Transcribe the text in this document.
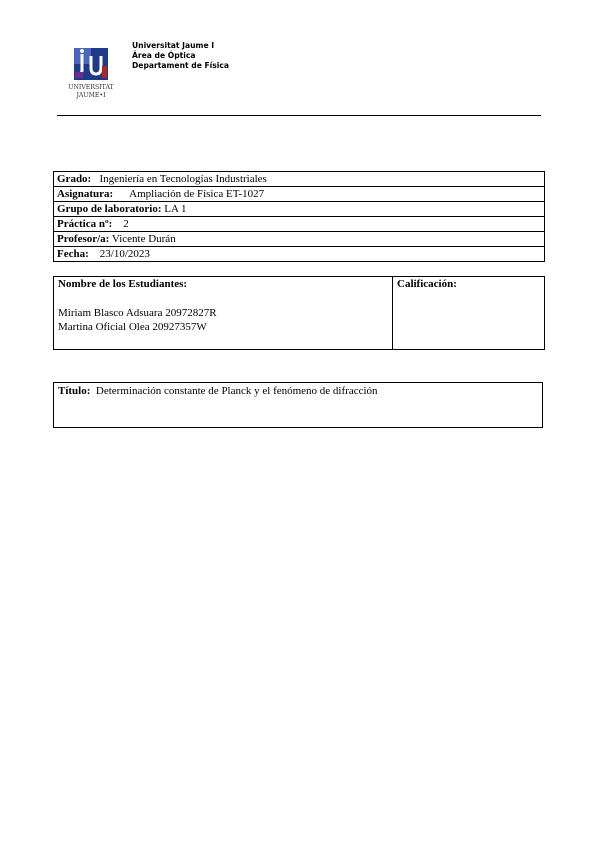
UNIVERSITAT
JAUME•I
Universitat Jaume I
Área de Óptica
Departament de Física
Grado: Ingeniería en Tecnologías Industriales
Asignatura: Ampliación de Física ET-1027
Grupo de laboratorio: LA 1
Práctica nº: 2
Profesor/a: Vicente Durán
Fecha: 23/10/2023
Nombre de los Estudiantes:
Miriam Blasco Adsuara 20972827R
Martina Oficial Olea 20927357W
Calificación:
Título: Determinación constante de Planck y el fenómeno de difracción
